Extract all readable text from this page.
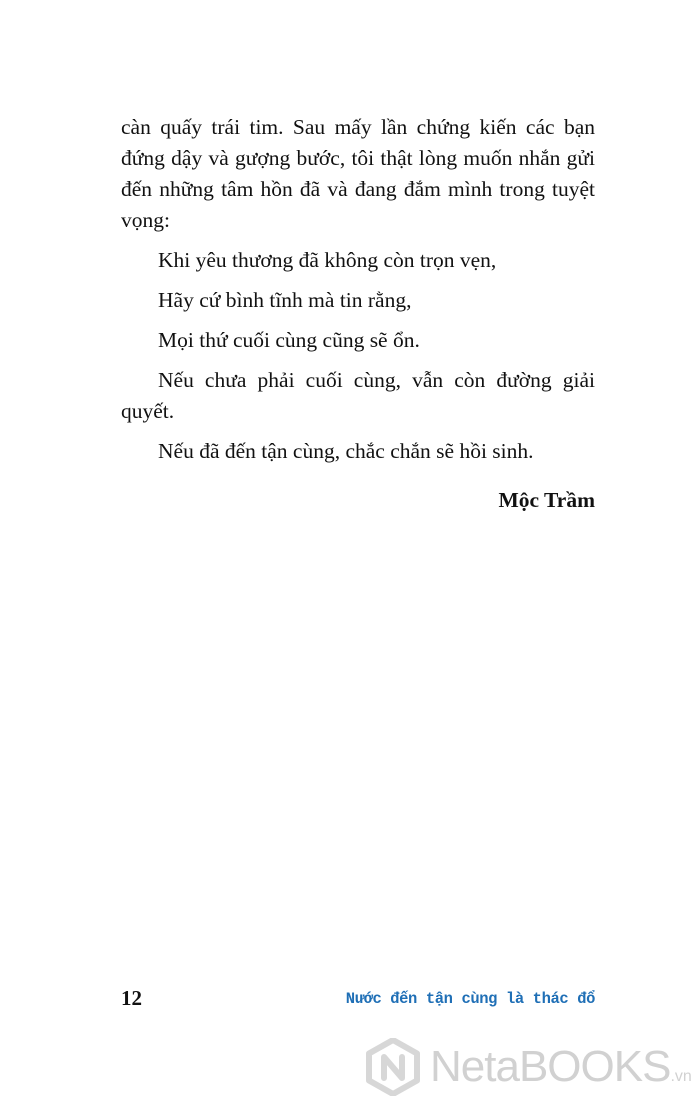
càn quấy trái tim. Sau mấy lần chứng kiến các bạn đứng dậy và gượng bước, tôi thật lòng muốn nhắn gửi đến những tâm hồn đã và đang đắm mình trong tuyệt vọng:

Khi yêu thương đã không còn trọn vẹn,

Hãy cứ bình tĩnh mà tin rằng,

Mọi thứ cuối cùng cũng sẽ ổn.

Nếu chưa phải cuối cùng, vẫn còn đường giải quyết.

Nếu đã đến tận cùng, chắc chắn sẽ hồi sinh.

Mộc Trầm
12	Nước đến tận cùng là thác đổ
NetaBOOKS.vn
